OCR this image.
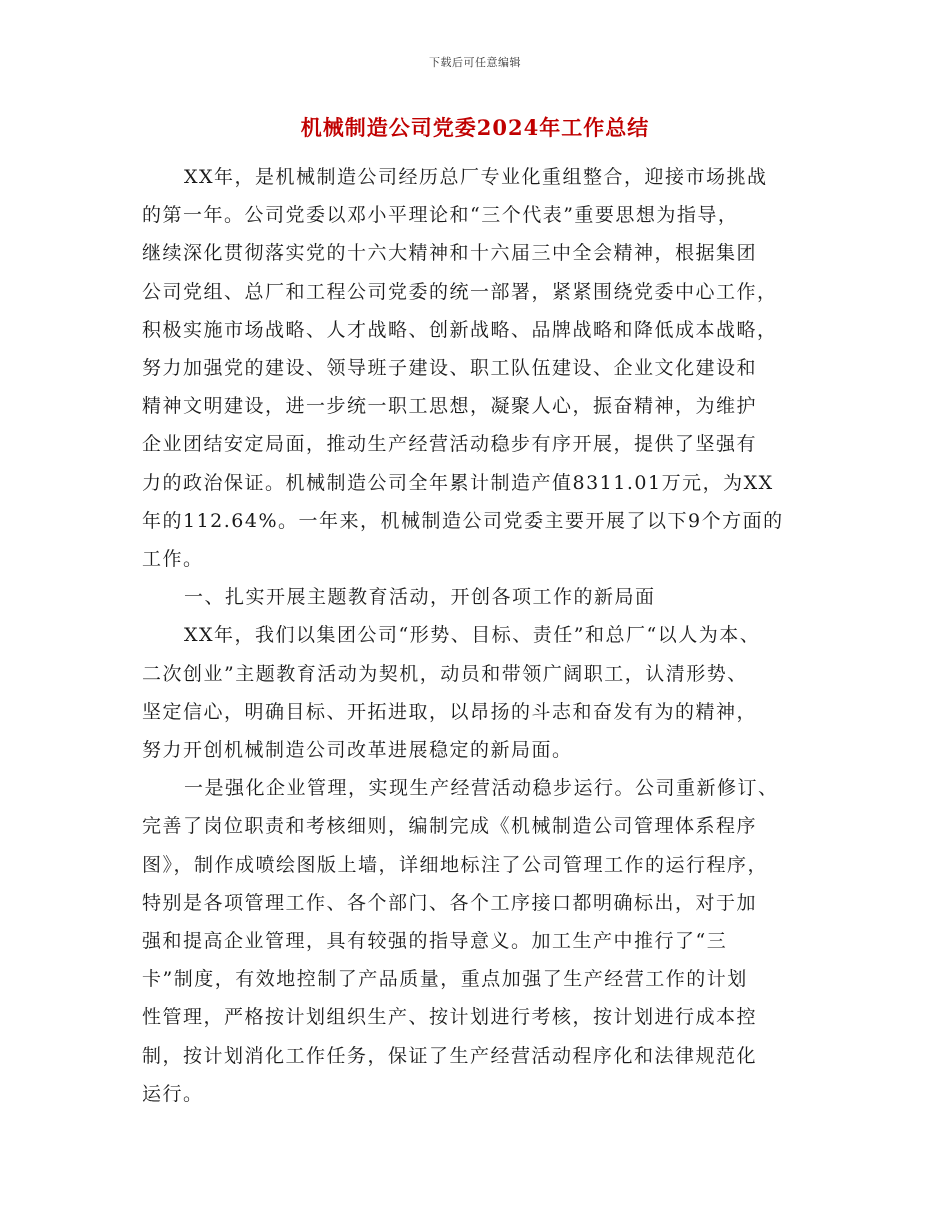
下载后可任意编辑
机械制造公司党委2024年工作总结
XX年，是机械制造公司经历总厂专业化重组整合，迎接市场挑战
的第一年。公司党委以邓小平理论和“三个代表”重要思想为指导，
继续深化贯彻落实党的十六大精神和十六届三中全会精神，根据集团
公司党组、总厂和工程公司党委的统一部署，紧紧围绕党委中心工作，
积极实施市场战略、人才战略、创新战略、品牌战略和降低成本战略，
努力加强党的建设、领导班子建设、职工队伍建设、企业文化建设和
精神文明建设，进一步统一职工思想，凝聚人心，振奋精神，为维护
企业团结安定局面，推动生产经营活动稳步有序开展，提供了坚强有
力的政治保证。机械制造公司全年累计制造产值8311.01万元，为XX
年的112.64%。一年来，机械制造公司党委主要开展了以下9个方面的
工作。
一、扎实开展主题教育活动，开创各项工作的新局面
XX年，我们以集团公司“形势、目标、责任”和总厂“以人为本、
二次创业”主题教育活动为契机，动员和带领广阔职工，认清形势、
坚定信心，明确目标、开拓进取，以昂扬的斗志和奋发有为的精神，
努力开创机械制造公司改革进展稳定的新局面。
一是强化企业管理，实现生产经营活动稳步运行。公司重新修订、
完善了岗位职责和考核细则，编制完成《机械制造公司管理体系程序
图》，制作成喷绘图版上墙，详细地标注了公司管理工作的运行程序，
特别是各项管理工作、各个部门、各个工序接口都明确标出，对于加
强和提高企业管理，具有较强的指导意义。加工生产中推行了“三
卡”制度，有效地控制了产品质量，重点加强了生产经营工作的计划
性管理，严格按计划组织生产、按计划进行考核，按计划进行成本控
制，按计划消化工作任务，保证了生产经营活动程序化和法律规范化
运行。
